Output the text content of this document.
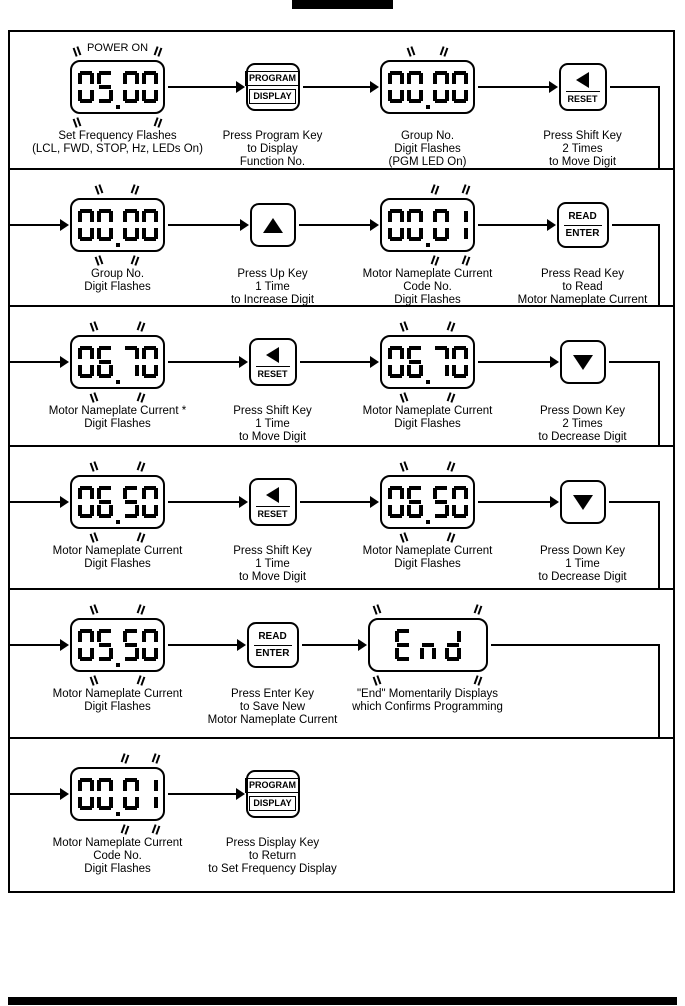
POWER ON
Set Frequency Flashes
(LCL, FWD, STOP, Hz, LEDs On)
PROGRAM
DISPLAY
Press Program Key
to Display
Function No.
Group No.
Digit Flashes
(PGM LED On)
RESET
Press Shift Key
2 Times
to Move Digit
Group No.
Digit Flashes
Press Up Key
1 Time
to Increase Digit
Motor Nameplate Current
Code No.
Digit Flashes
READ
ENTER
Press Read Key
to Read
Motor Nameplate Current
Motor Nameplate Current *
Digit Flashes
RESET
Press Shift Key
1 Time
to Move Digit
Motor Nameplate Current
Digit Flashes
Press Down Key
2 Times
to Decrease Digit
Motor Nameplate Current
Digit Flashes
RESET
Press Shift Key
1 Time
to Move Digit
Motor Nameplate Current
Digit Flashes
Press Down Key
1 Time
to Decrease Digit
Motor Nameplate Current
Digit Flashes
READ
ENTER
Press Enter Key
to Save New
Motor Nameplate Current
"End" Momentarily Displays
which Confirms Programming
Motor Nameplate Current
Code No.
Digit Flashes
PROGRAM
DISPLAY
Press Display Key
to Return
to Set Frequency Display
